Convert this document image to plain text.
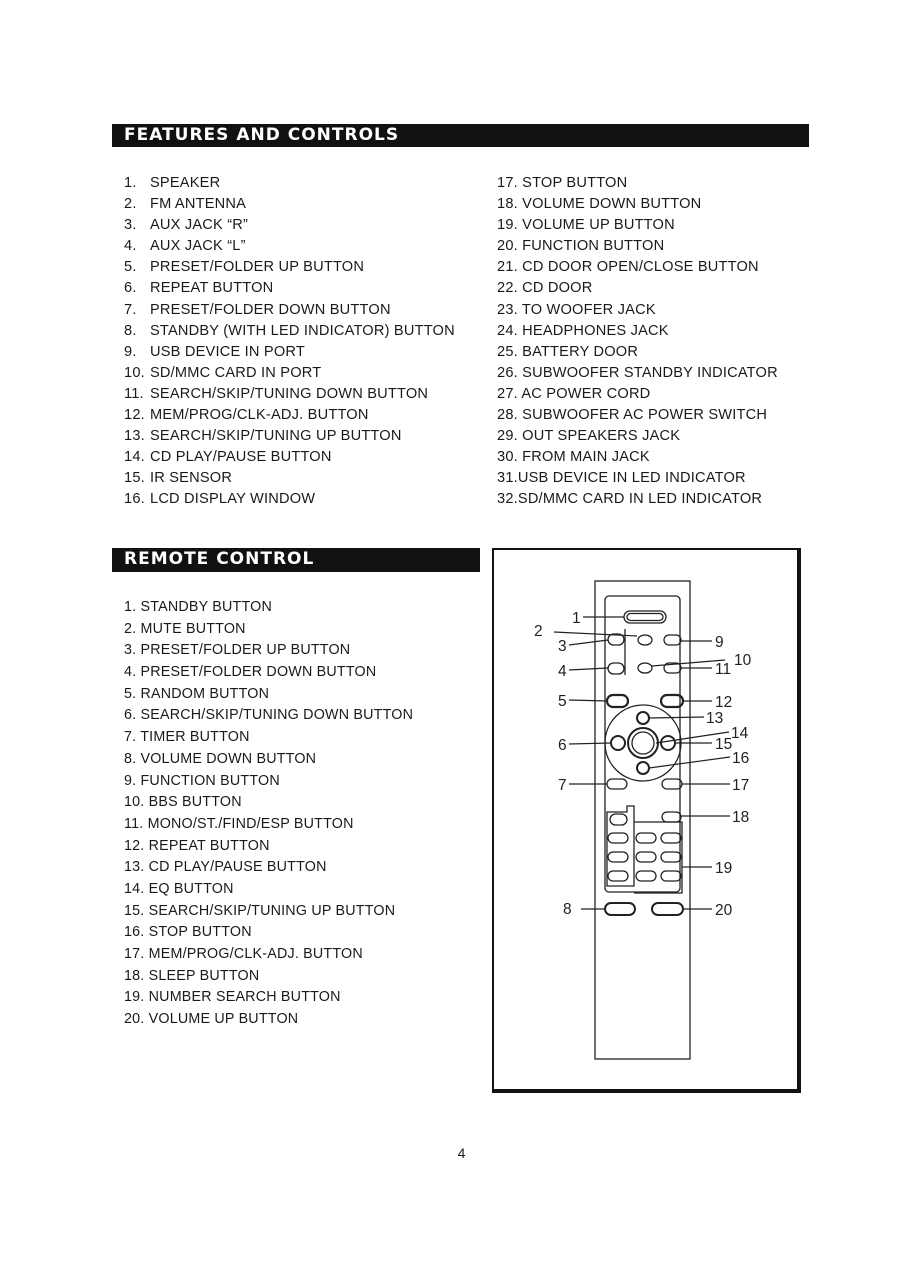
FEATURES AND CONTROLS
1. SPEAKER
2. FM ANTENNA
3. AUX JACK “R”
4. AUX JACK “L”
5. PRESET/FOLDER UP BUTTON
6. REPEAT BUTTON
7. PRESET/FOLDER DOWN BUTTON
8. STANDBY (WITH LED INDICATOR) BUTTON
9. USB DEVICE IN PORT
10. SD/MMC CARD IN PORT
11. SEARCH/SKIP/TUNING DOWN BUTTON
12. MEM/PROG/CLK-ADJ. BUTTON
13. SEARCH/SKIP/TUNING UP BUTTON
14. CD PLAY/PAUSE BUTTON
15. IR SENSOR
16. LCD DISPLAY WINDOW
17. STOP BUTTON
18. VOLUME DOWN BUTTON
19. VOLUME UP BUTTON
20. FUNCTION BUTTON
21. CD DOOR OPEN/CLOSE BUTTON
22. CD DOOR
23. TO WOOFER JACK
24. HEADPHONES JACK
25. BATTERY DOOR
26. SUBWOOFER STANDBY INDICATOR
27. AC POWER CORD
28. SUBWOOFER AC POWER SWITCH
29. OUT SPEAKERS JACK
30. FROM MAIN JACK
31.USB DEVICE IN LED INDICATOR
32.SD/MMC CARD IN LED INDICATOR
REMOTE CONTROL
1. STANDBY BUTTON
2. MUTE BUTTON
3. PRESET/FOLDER UP BUTTON
4. PRESET/FOLDER DOWN BUTTON
5. RANDOM BUTTON
6. SEARCH/SKIP/TUNING DOWN BUTTON
7. TIMER BUTTON
8. VOLUME DOWN BUTTON
9. FUNCTION BUTTON
10. BBS BUTTON
11. MONO/ST./FIND/ESP BUTTON
12. REPEAT BUTTON
13. CD PLAY/PAUSE BUTTON
14. EQ BUTTON
15. SEARCH/SKIP/TUNING UP BUTTON
16. STOP BUTTON
17. MEM/PROG/CLK-ADJ. BUTTON
18. SLEEP BUTTON
19. NUMBER SEARCH BUTTON
20. VOLUME UP BUTTON
1
2
3
4
5
6
7
8
9
10
11
12
13
14
15
16
17
18
19
20
4
